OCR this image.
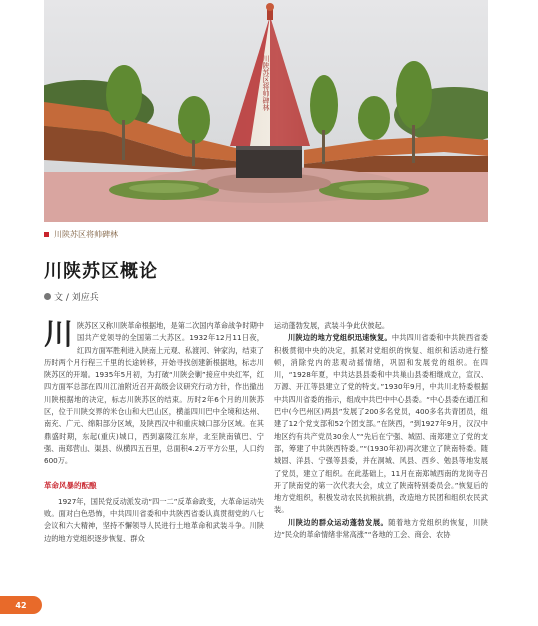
川陕苏区将帅碑林
川陕苏区将帅碑林
川陕苏区概论
文 / 刘应兵
川 陕苏区又称川陕革命根据地，是第二次国内革命战争时期中国共产党领导的全国第二大苏区。1932年12月11日夜，红四方面军胜利进入陕南上元观、私渡河、钟家沟，结束了历时两个月行程三千里的长途转移，开始寻找创建新根据地，标志川陕苏区的开端。1935年5月初，为打破“川陕会剿”接应中央红军，红四方面军总部在四川江油附近召开高级会议研究行动方针，作出撤出川陕根据地的决定，标志川陕苏区的结束。历时2年6个月的川陕苏区，位于川陕交界的米仓山和大巴山区，横盖四川巴中全境和达州、南充、广元、绵阳部分区域，及陕西汉中和重庆城口部分区域。在其鼎盛时期，东起(重庆)城口，西到嘉陵江东岸，北至陕南镇巴、宁强、南郑营山、渠县、纵横四五百里，总面积4.2万平方公里，人口约600万。

革命风暴的酝酿

1927年，国民党反动派发动“四一二”反革命政变，大革命运动失败。面对白色恐怖，中共四川省委和中共陕西省委认真贯彻党的八七会议和六大精神，坚持不懈领导人民进行土地革命和武装斗争。川陕边的地方党组织逐步恢复、群众

运动蓬勃发展，武装斗争此伏彼起。

川陕边的地方党组织迅速恢复。中共四川省委和中共陕西省委积极贯彻中央的决定，抓紧对党组织的恢复、组织和活动进行整顿，消除党内的悲观动摇情绪，巩固和发展党的组织。在四川，“1928年夏，中共达县县委和中共巢山县委相继成立，宣汉、万源、开江等县建立了党的特支。”1930年9月，中共川北特委根据中共四川省委的指示，组成中共巴中中心县委。“中心县委在通江和巴中(今巴州区)两县”发展了200多名党员，400多名共青团员，组建了12个党支部和52个团支部。”在陕西，“到1927年9月，汉汉中地区约有共产党员30余人”“先后在宁强、城固、南郑建立了党的支部，筹建了中共陕西特委。”“(1930年初)再次建立了陕南特委。随城固、洋县、宁强等县委，并在洞城、风县、西乡、勉县等地发展了党员，建立了组织。在此基础上，11月在南郑城西南的龙岗寺召开了陕南党的第一次代表大会，成立了陕南特别委员会。”恢复后的地方党组织，积极发动农民抗粮抗捐，改造地方民团和组织农民武装。

川陕边的群众运动蓬勃发展。随着地方党组织的恢复，川陕边“民众的革命情绪非常高涨”“各地的工会、商会、农协

42
